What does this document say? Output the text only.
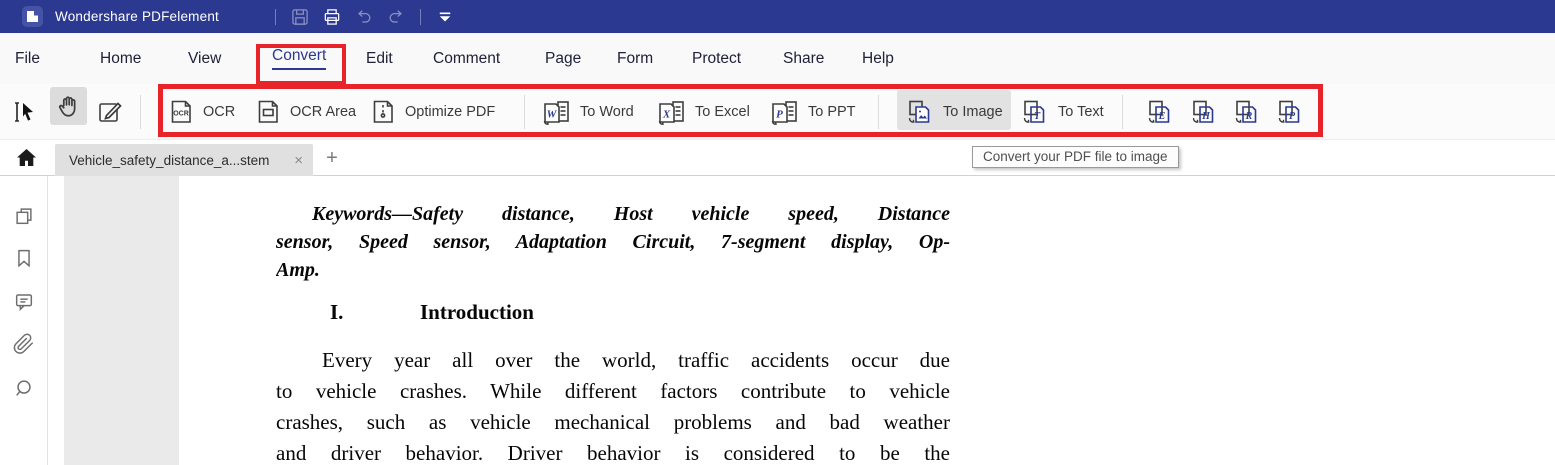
Wondershare PDFelement
File	Home	View	Convert	Edit	Comment	Page Form	Protect	Share Help
OCR OCR	OCR Area	Optimize PDF	W To Word	X To Excel P To PPT	To Image	T To Text	E	H	R	P
Vehicle_safety_distance_a...stem	×	+	Convert your PDF file to image
Keywords—Safety distance, Host vehicle speed, Distance
sensor, Speed sensor, Adaptation Circuit, 7-segment display, Op-
Amp.
I.	Introduction
Every year all over the world, traffic accidents occur due
to vehicle crashes. While different factors contribute to vehicle
crashes, such as vehicle mechanical problems and bad weather
and driver behavior. Driver behavior is considered to be the
